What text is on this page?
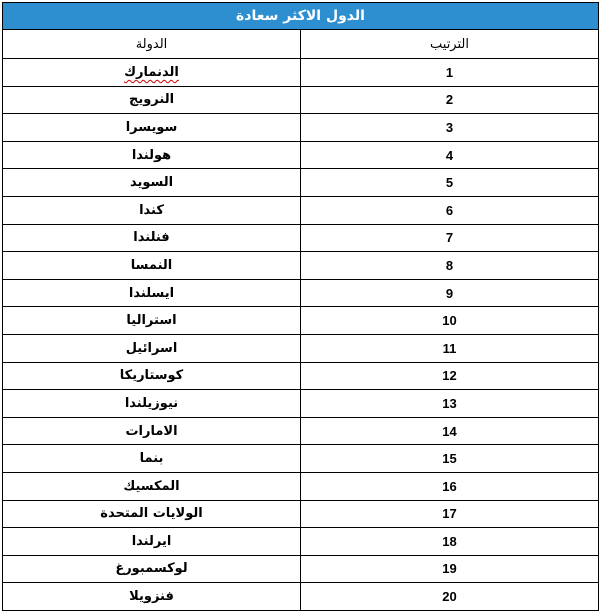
الدول الاكثر سعادة	
الدولة	الترتيب
الدنمارك	1
النرويج	2
سويسرا	3
هولندا	4
السويد	5
كندا	6
فنلندا	7
النمسا	8
ايسلندا	9
استراليا	10
اسرائيل	11
كوستاريكا	12
نيوزيلندا	13
الامارات	14
بنما	15
المكسيك	16
الولايات المتحدة	17
ايرلندا	18
لوكسمبورغ	19
فنزويلا	20
